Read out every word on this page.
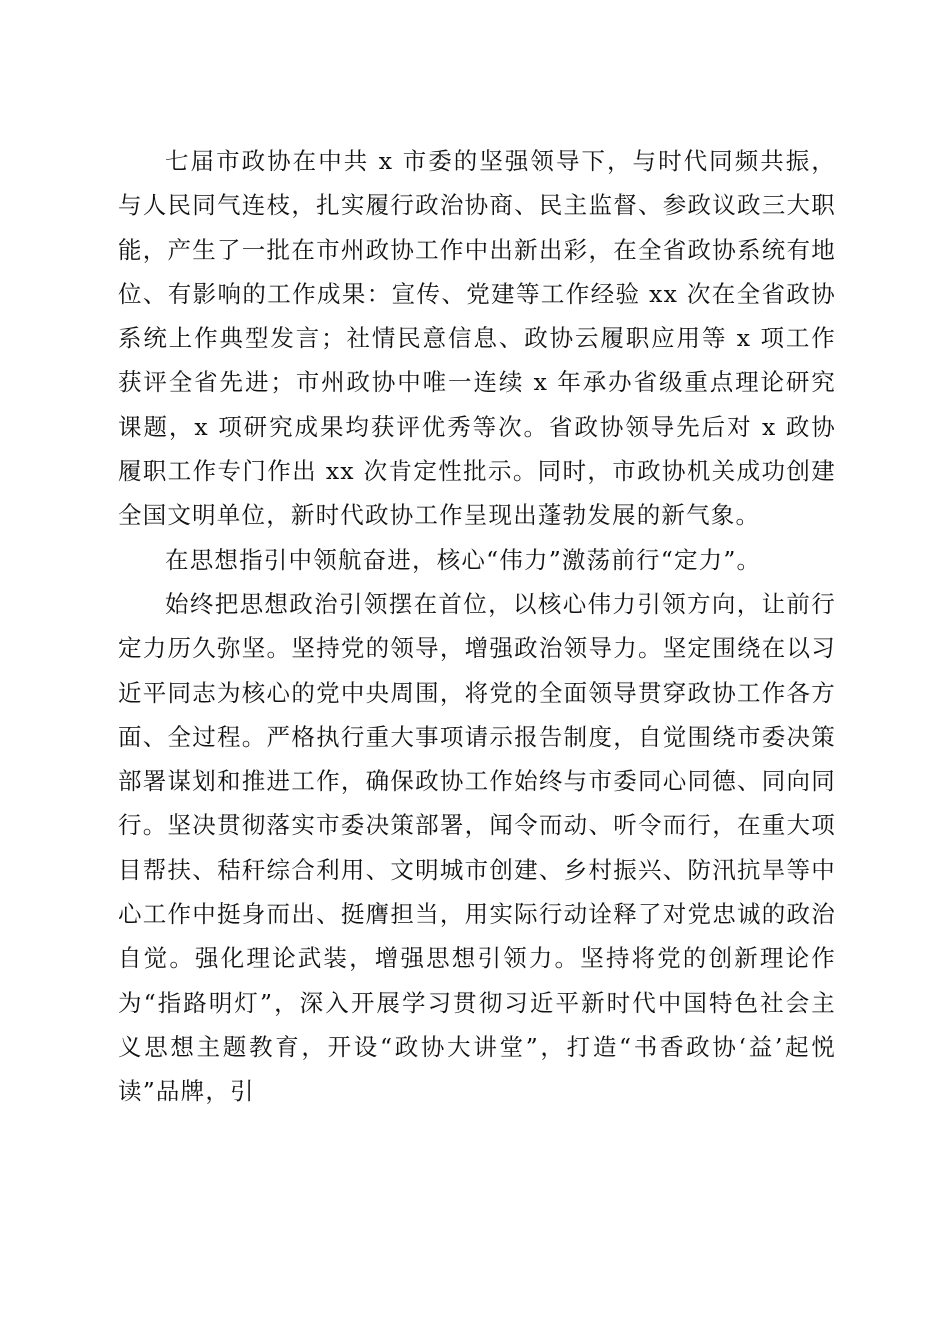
七届市政协在中共 x 市委的坚强领导下，与时代同频共振，与人民同气连枝，扎实履行政治协商、民主监督、参政议政三大职能，产生了一批在市州政协工作中出新出彩，在全省政协系统有地位、有影响的工作成果：宣传、党建等工作经验 xx 次在全省政协系统上作典型发言；社情民意信息、政协云履职应用等 x 项工作获评全省先进；市州政协中唯一连续 x 年承办省级重点理论研究课题，x 项研究成果均获评优秀等次。省政协领导先后对 x 政协履职工作专门作出 xx 次肯定性批示。同时，市政协机关成功创建全国文明单位，新时代政协工作呈现出蓬勃发展的新气象。

在思想指引中领航奋进，核心“伟力”激荡前行“定力”。

始终把思想政治引领摆在首位，以核心伟力引领方向，让前行定力历久弥坚。坚持党的领导，增强政治领导力。坚定围绕在以习近平同志为核心的党中央周围，将党的全面领导贯穿政协工作各方面、全过程。严格执行重大事项请示报告制度，自觉围绕市委决策部署谋划和推进工作，确保政协工作始终与市委同心同德、同向同行。坚决贯彻落实市委决策部署，闻令而动、听令而行，在重大项目帮扶、秸秆综合利用、文明城市创建、乡村振兴、防汛抗旱等中心工作中挺身而出、挺膺担当，用实际行动诠释了对党忠诚的政治自觉。强化理论武装，增强思想引领力。坚持将党的创新理论作为“指路明灯”，深入开展学习贯彻习近平新时代中国特色社会主义思想主题教育，开设“政协大讲堂”，打造“书香政协‘益’起悦读”品牌，引
